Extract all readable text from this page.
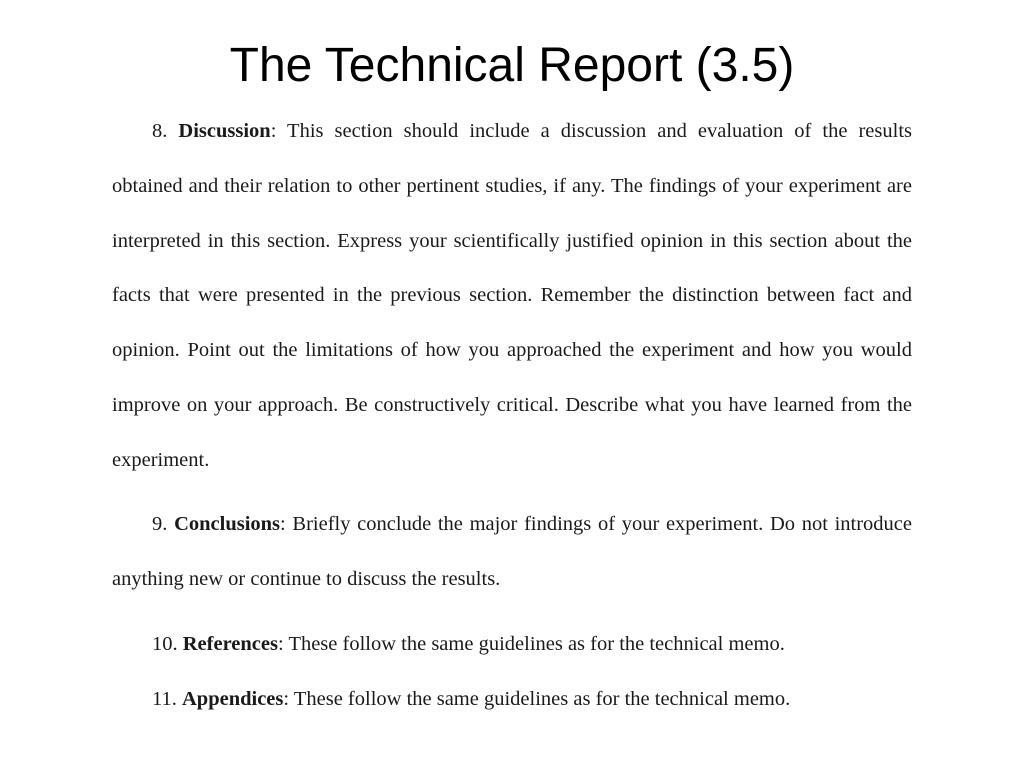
The Technical Report (3.5)
8. Discussion: This section should include a discussion and evaluation of the results obtained and their relation to other pertinent studies, if any. The findings of your experiment are interpreted in this section. Express your scientifically justified opinion in this section about the facts that were presented in the previous section. Remember the distinction between fact and opinion. Point out the limitations of how you approached the experiment and how you would improve on your approach. Be constructively critical. Describe what you have learned from the experiment.
9. Conclusions: Briefly conclude the major findings of your experiment. Do not introduce anything new or continue to discuss the results.
10. References: These follow the same guidelines as for the technical memo.
11. Appendices: These follow the same guidelines as for the technical memo.
